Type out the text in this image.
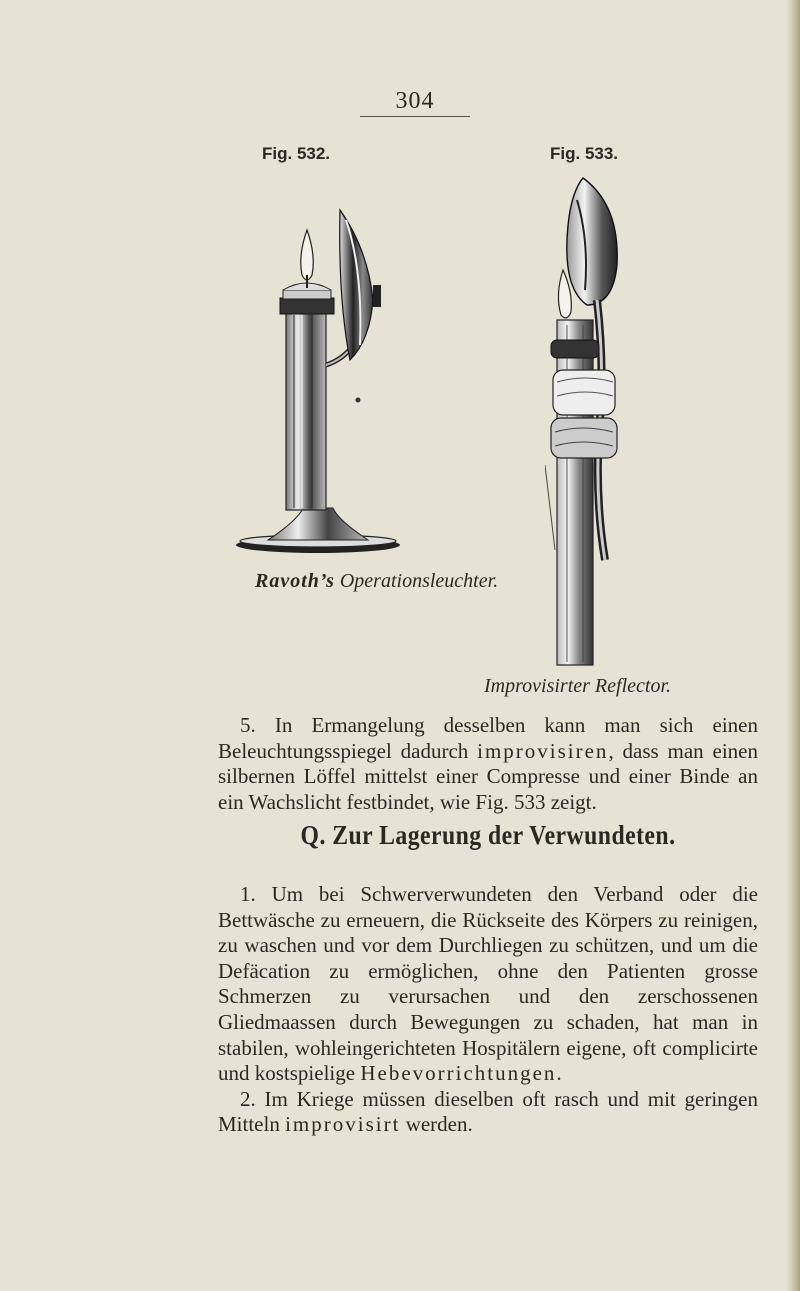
304
Fig. 532.	Fig. 533.
Ravoth’s Operationsleuchter.
Improvisirter Reflector.

5. In Ermangelung desselben kann man sich einen Beleuchtungsspiegel dadurch improvisiren, dass man einen silbernen Löffel mittelst einer Compresse und einer Binde an ein Wachslicht festbindet, wie Fig. 533 zeigt.

Q. Zur Lagerung der Verwundeten.

1. Um bei Schwerverwundeten den Verband oder die Bettwäsche zu erneuern, die Rückseite des Körpers zu reinigen, zu waschen und vor dem Durchliegen zu schützen, und um die Defäcation zu ermöglichen, ohne den Patienten grosse Schmerzen zu verursachen und den zerschossenen Gliedmaassen durch Bewegungen zu schaden, hat man in stabilen, wohleingerichteten Hospitälern eigene, oft complicirte und kostspielige Hebevorrichtungen.

2. Im Kriege müssen dieselben oft rasch und mit geringen Mitteln improvisirt werden.
